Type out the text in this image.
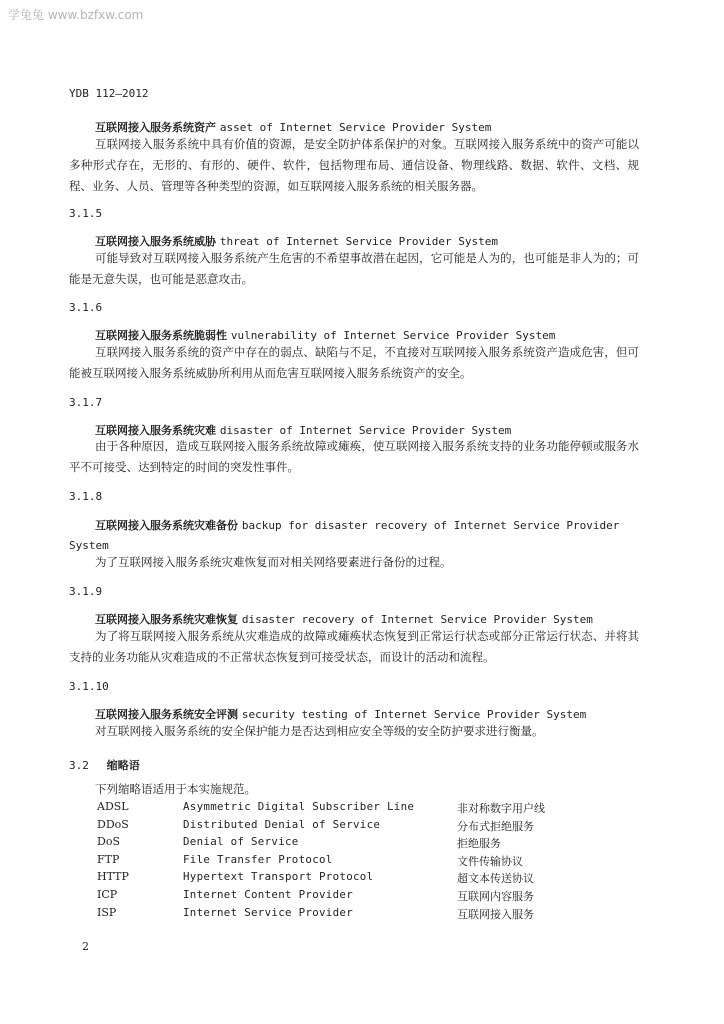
学兔兔 www.bzfxw.com
YDB 112—2012
互联网接入服务系统资产 asset of Internet Service Provider System
互联网接入服务系统中具有价值的资源，是安全防护体系保护的对象。互联网接入服务系统中的资产可能以多种形式存在，无形的、有形的、硬件、软件，包括物理布局、通信设备、物理线路、数据、软件、文档、规程、业务、人员、管理等各种类型的资源，如互联网接入服务系统的相关服务器。
3.1.5
互联网接入服务系统威胁 threat of Internet Service Provider System
可能导致对互联网接入服务系统产生危害的不希望事故潜在起因，它可能是人为的，也可能是非人为的；可能是无意失误，也可能是恶意攻击。
3.1.6
互联网接入服务系统脆弱性 vulnerability of Internet Service Provider System
互联网接入服务系统的资产中存在的弱点、缺陷与不足，不直接对互联网接入服务系统资产造成危害，但可能被互联网接入服务系统威胁所利用从而危害互联网接入服务系统资产的安全。
3.1.7
互联网接入服务系统灾难 disaster of Internet Service Provider System
由于各种原因，造成互联网接入服务系统故障或瘫痪，使互联网接入服务系统支持的业务功能停顿或服务水平不可接受、达到特定的时间的突发性事件。
3.1.8
互联网接入服务系统灾难备份 backup for disaster recovery of Internet Service Provider System
为了互联网接入服务系统灾难恢复而对相关网络要素进行备份的过程。
3.1.9
互联网接入服务系统灾难恢复 disaster recovery of Internet Service Provider System
为了将互联网接入服务系统从灾难造成的故障或瘫痪状态恢复到正常运行状态或部分正常运行状态、并将其支持的业务功能从灾难造成的不正常状态恢复到可接受状态，而设计的活动和流程。
3.1.10
互联网接入服务系统安全评测 security testing of Internet Service Provider System
对互联网接入服务系统的安全保护能力是否达到相应安全等级的安全防护要求进行衡量。
3.2 缩略语
下列缩略语适用于本实施规范。
ADSL	Asymmetric Digital Subscriber Line	非对称数字用户线
DDoS	Distributed Denial of Service	分布式拒绝服务
DoS	Denial of Service	拒绝服务
FTP	File Transfer Protocol	文件传输协议
HTTP	Hypertext Transport Protocol	超文本传送协议
ICP	Internet Content Provider	互联网内容服务
ISP	Internet Service Provider	互联网接入服务
2
